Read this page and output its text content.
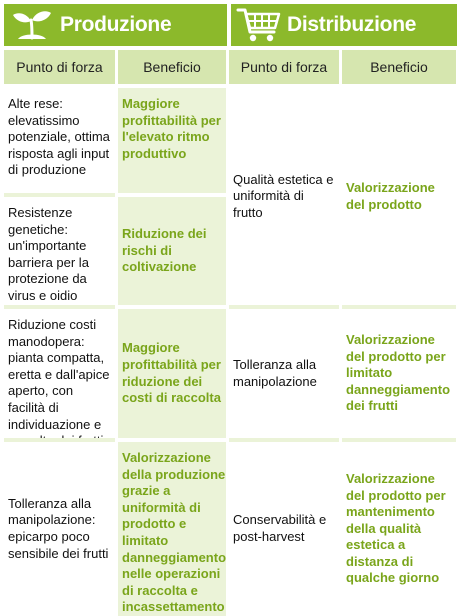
Produzione	Distribuzione
Punto di forza
Alte rese: elevatissimo potenziale, ottima risposta agli input di produzione
Resistenze genetiche: un'importante barriera per la protezione da virus e oidio
Riduzione costi manodopera: pianta compatta, eretta e dall'apice aperto, con facilità di individuazione e
Tolleranza alla manipolazione: epicarpo poco sensibile dei frutti
Beneficio
Maggiore profittabilità per l'elevato ritmo produttivo
Riduzione dei rischi di coltivazione
Maggiore profittabilità per riduzione dei costi di raccolta
Valorizzazione della produzione grazie a uniformità di prodotto e limitato danneggiamento nelle operazioni di raccolta e incassettamento
Punto di forza
Qualità estetica e uniformità di frutto
Tolleranza alla manipolazione
Conservabilità e post-harvest
Beneficio
Valorizzazione del prodotto
Valorizzazione del prodotto per limitato danneggiamento dei frutti
Valorizzazione del prodotto per mantenimento della qualità estetica a distanza di qualche giorno
